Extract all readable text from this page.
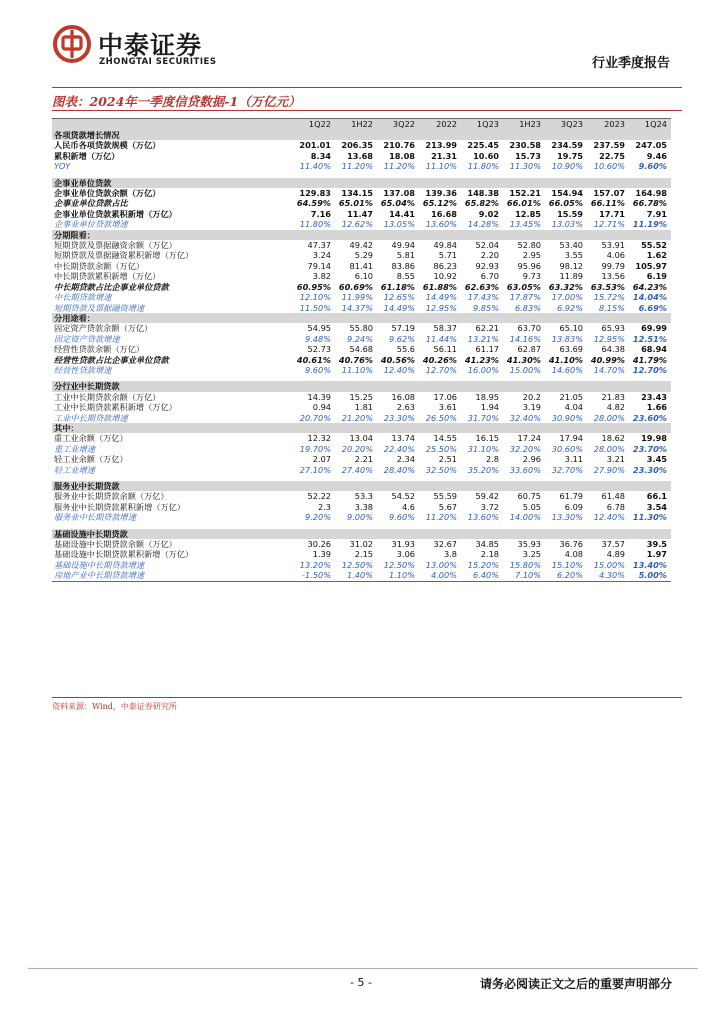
中泰证券
ZHONGTAI SECURITIES	行业季度报告
图表：2024年一季度信贷数据-1（万亿元）
	1Q22	1H22	3Q22	2022	1Q23	1H23	3Q23	2023	1Q24
各项贷款增长情况									
人民币各项贷款规模（万亿）	201.01	206.35	210.76	213.99	225.45	230.58	234.59	237.59	247.05
累积新增（万亿）	8.34	13.68	18.08	21.31	10.60	15.73	19.75	22.75	9.46
YOY	11.40%	11.20%	11.20%	11.10%	11.80%	11.30%	10.90%	10.60%	9.60%

企事业单位贷款									
企事业单位贷款余额（万亿）	129.83	134.15	137.08	139.36	148.38	152.21	154.94	157.07	164.98
企事业单位贷款占比	64.59%	65.01%	65.04%	65.12%	65.82%	66.01%	66.05%	66.11%	66.78%
企事业单位贷款累积新增（万亿）	7.16	11.47	14.41	16.68	9.02	12.85	15.59	17.71	7.91
企事业单位贷款增速	11.80%	12.62%	13.05%	13.60%	14.28%	13.45%	13.03%	12.71%	11.19%
分期限看：									
短期贷款及票据融资余额（万亿）	47.37	49.42	49.94	49.84	52.04	52.80	53.40	53.91	55.52
短期贷款及票据融资累积新增（万亿）	3.24	5.29	5.81	5.71	2.20	2.95	3.55	4.06	1.62
中长期贷款余额（万亿）	79.14	81.41	83.86	86.23	92.93	95.96	98.12	99.79	105.97
中长期贷款累积新增（万亿）	3.82	6.10	8.55	10.92	6.70	9.73	11.89	13.56	6.19
中长期贷款占比企事业单位贷款	60.95%	60.69%	61.18%	61.88%	62.63%	63.05%	63.32%	63.53%	64.23%
中长期贷款增速	12.10%	11.99%	12.65%	14.49%	17.43%	17.87%	17.00%	15.72%	14.04%
短期贷款及票据融资增速	11.50%	14.37%	14.49%	12.95%	9.85%	6.83%	6.92%	8.15%	6.69%
分用途看：									
固定资产贷款余额（万亿）	54.95	55.80	57.19	58.37	62.21	63.70	65.10	65.93	69.99
固定资产贷款增速	9.48%	9.24%	9.62%	11.44%	13.21%	14.16%	13.83%	12.95%	12.51%
经营性贷款余额（万亿）	52.73	54.68	55.6	56.11	61.17	62.87	63.69	64.38	68.94
经营性贷款占比企事业单位贷款	40.61%	40.76%	40.56%	40.26%	41.23%	41.30%	41.10%	40.99%	41.79%
经营性贷款增速	9.60%	11.10%	12.40%	12.70%	16.00%	15.00%	14.60%	14.70%	12.70%

分行业中长期贷款									
工业中长期贷款余额（万亿）	14.39	15.25	16.08	17.06	18.95	20.2	21.05	21.83	23.43
工业中长期贷款累积新增（万亿）	0.94	1.81	2.63	3.61	1.94	3.19	4.04	4.82	1.66
工业中长期贷款增速	20.70%	21.20%	23.30%	26.50%	31.70%	32.40%	30.90%	28.00%	23.60%
其中：									
重工业余额（万亿）	12.32	13.04	13.74	14.55	16.15	17.24	17.94	18.62	19.98
重工业增速	19.70%	20.20%	22.40%	25.50%	31.10%	32.20%	30.60%	28.00%	23.70%
轻工业余额（万亿）	2.07	2.21	2.34	2.51	2.8	2.96	3.11	3.21	3.45
轻工业增速	27.10%	27.40%	28.40%	32.50%	35.20%	33.60%	32.70%	27.90%	23.30%

服务业中长期贷款									
服务业中长期贷款余额（万亿）	52.22	53.3	54.52	55.59	59.42	60.75	61.79	61.48	66.1
服务业中长期贷款累积新增（万亿）	2.3	3.38	4.6	5.67	3.72	5.05	6.09	6.78	3.54
服务业中长期贷款增速	9.20%	9.00%	9.60%	11.20%	13.60%	14.00%	13.30%	12.40%	11.30%

基础设施中长期贷款									
基础设施中长期贷款余额（万亿）	30.26	31.02	31.93	32.67	34.85	35.93	36.76	37.57	39.5
基础设施中长期贷款累积新增（万亿）	1.39	2.15	3.06	3.8	2.18	3.25	4.08	4.89	1.97
基础设施中长期贷款增速	13.20%	12.50%	12.50%	13.00%	15.20%	15.80%	15.10%	15.00%	13.40%
房地产业中长期贷款增速	-1.50%	1.40%	1.10%	4.00%	6.40%	7.10%	6.20%	4.30%	5.00%
资料来源：Wind，中泰证券研究所
- 5 -	请务必阅读正文之后的重要声明部分
